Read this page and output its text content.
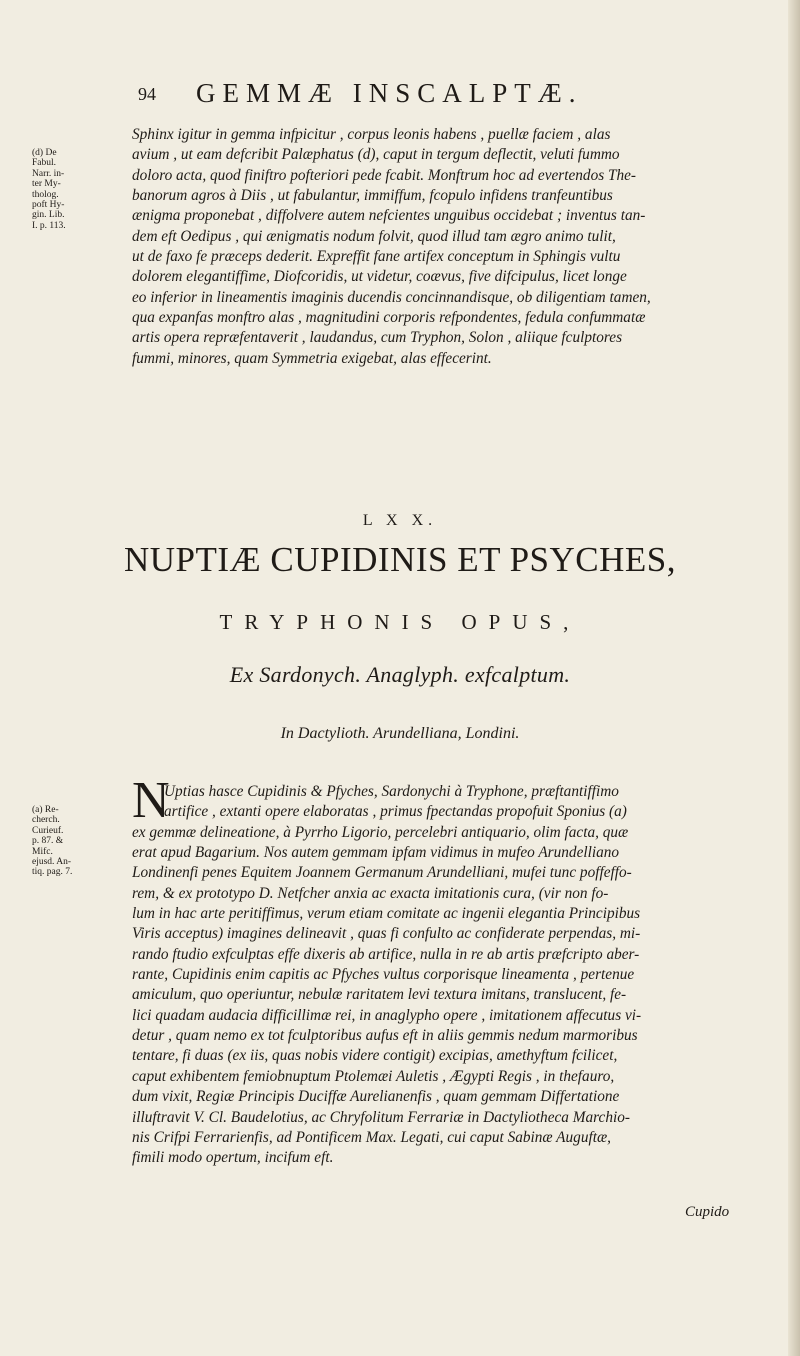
94 GEMMÆ INSCALPTÆ.
Sphinx igitur in gemma infpicitur , corpus leonis habens , puellæ faciem , alas
avium , ut eam defcribit Palæphatus (d), caput in tergum deflectit, veluti fummo
doloro acta, quod finiftro pofteriori pede fcabit. Monftrum hoc ad evertendos The-
banorum agros à Diis , ut fabulantur, immiffum, fcopulo infidens tranfeuntibus
ænigma proponebat , diffolvere autem nefcientes unguibus occidebat ; inventus tan-
dem eft Oedipus , qui ænigmatis nodum folvit, quod illud tam ægro animo tulit,
ut de faxo fe præceps dederit. Expreffit fane artifex conceptum in Sphingis vultu
dolorem elegantiffime, Diofcoridis, ut videtur, coævus, five difcipulus, licet longe
eo inferior in lineamentis imaginis ducendis concinnandisque, ob diligentiam tamen,
qua expanfas monftro alas , magnitudini corporis refpondentes, fedula confummatæ
artis opera repræfentaverit , laudandus, cum Tryphon, Solon , aliique fculptores
fummi, minores, quam Symmetria exigebat, alas effecerint.
(d) De
Fabul.
Narr. in-
ter My-
tholog.
poft Hy-
gin. Lib.
I. p. 113.
L X X.
NUPTIÆ CUPIDINIS ET PSYCHES,
TRYPHONIS OPUS,
Ex Sardonych. Anaglyph. exfcalptum.
In Dactylioth. Arundelliana, Londini.
N
Uptias hasce Cupidinis & Pfyches, Sardonychi à Tryphone, præftantiffimo
artifice , extanti opere elaboratas , primus fpectandas propofuit Sponius (a)
ex gemmæ delineatione, à Pyrrho Ligorio, percelebri antiquario, olim facta, quæ
erat apud Bagarium. Nos autem gemmam ipfam vidimus in mufeo Arundelliano
Londinenfi penes Equitem Joannem Germanum Arundelliani, mufei tunc poffeffo-
rem, & ex prototypo D. Netfcher anxia ac exacta imitationis cura, (vir non fo-
lum in hac arte peritiffimus, verum etiam comitate ac ingenii elegantia Principibus
Viris acceptus) imagines delineavit , quas fi confulto ac confiderate perpendas, mi-
rando ftudio exfculptas effe dixeris ab artifice, nulla in re ab artis præfcripto aber-
rante, Cupidinis enim capitis ac Pfyches vultus corporisque lineamenta , pertenue
amiculum, quo operiuntur, nebulæ raritatem levi textura imitans, translucent, fe-
lici quadam audacia difficillimæ rei, in anaglypho opere , imitationem affecutus vi-
detur , quam nemo ex tot fculptoribus aufus eft in aliis gemmis nedum marmoribus
tentare, fi duas (ex iis, quas nobis videre contigit) excipias, amethyftum fcilicet,
caput exhibentem femiobnuptum Ptolemæi Auletis , Ægypti Regis , in thefauro,
dum vixit, Regiæ Principis Duciffæ Aurelianenfis , quam gemmam Differtatione
illuftravit V. Cl. Baudelotius, ac Chryfolitum Ferrariæ in Dactyliotheca Marchio-
nis Crifpi Ferrarienfis, ad Pontificem Max. Legati, cui caput Sabinæ Auguftæ,
fimili modo opertum, incifum eft.
(a) Re-
cherch.
Curieuf.
p. 87. &
Mifc.
ejusd. An-
tiq. pag. 7.
Cupido
